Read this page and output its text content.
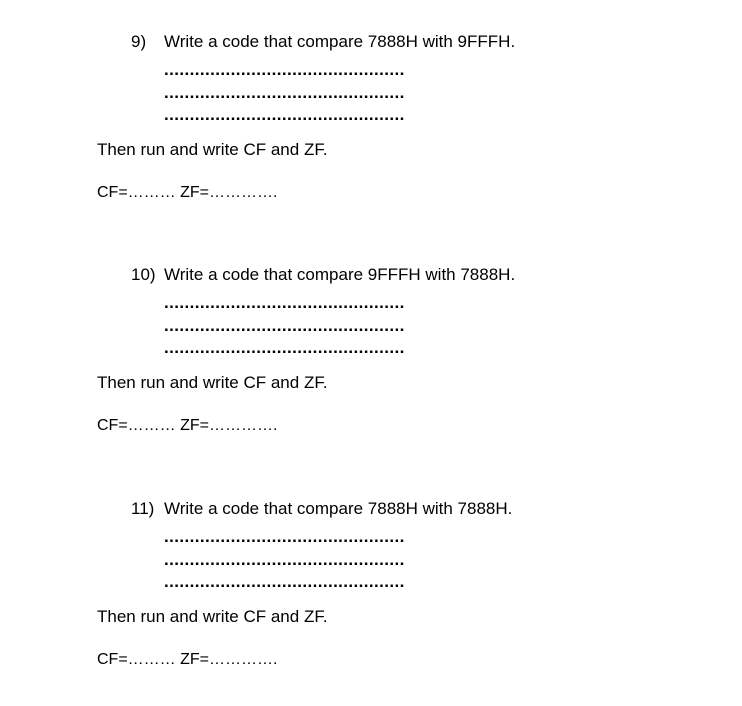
9) Write a code that compare 7888H with 9FFFH.
...............................................
...............................................
...............................................
Then run and write CF and ZF.
CF=……… ZF=………….
10) Write a code that compare 9FFFH with 7888H.
...............................................
...............................................
...............................................
Then run and write CF and ZF.
CF=……… ZF=………….
11) Write a code that compare 7888H with 7888H.
...............................................
...............................................
...............................................
Then run and write CF and ZF.
CF=……… ZF=………….
